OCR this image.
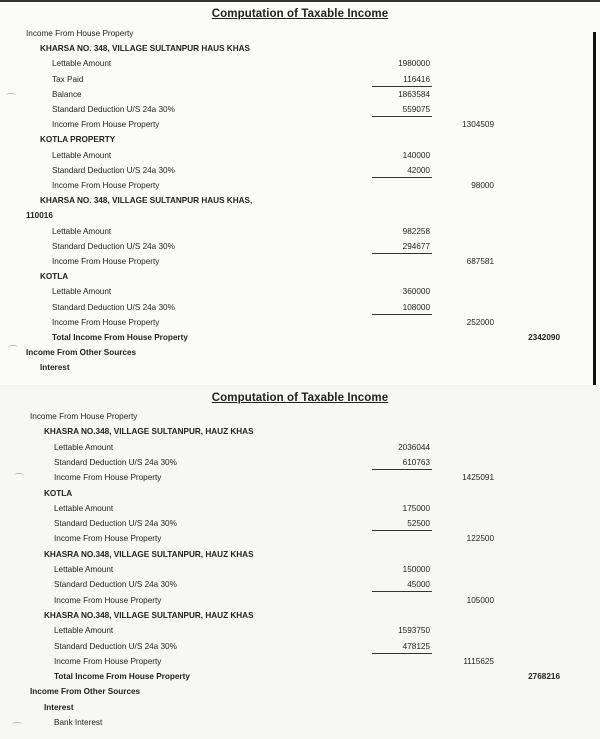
Computation of Taxable Income
Income From House Property
KHARSA NO. 348, VILLAGE SULTANPUR HAUS KHAS
Lettable Amount	1980000
Tax Paid	116416
Balance	1863584
Standard Deduction U/S 24a 30%	559075
Income From House Property	1304509
KOTLA PROPERTY
Lettable Amount	140000
Standard Deduction U/S 24a 30%	42000
Income From House Property	98000
KHARSA NO. 348, VILLAGE SULTANPUR HAUS KHAS,
110016
Lettable Amount	982258
Standard Deduction U/S 24a 30%	294677
Income From House Property	687581
KOTLA
Lettable Amount	360000
Standard Deduction U/S 24a 30%	108000
Income From House Property	252000
Total Income From House Property	2342090
Income From Other Sources
Interest
⌒
⌒
Computation of Taxable Income
Income From House Property
KHASRA NO.348, VILLAGE SULTANPUR, HAUZ KHAS
Lettable Amount	2036044
Standard Deduction U/S 24a 30%	610763
Income From House Property	1425091
KOTLA
Lettable Amount	175000
Standard Deduction U/S 24a 30%	52500
Income From House Property	122500
KHASRA NO.348, VILLAGE SULTANPUR, HAUZ KHAS
Lettable Amount	150000
Standard Deduction U/S 24a 30%	45000
Income From House Property	105000
KHASRA NO.348, VILLAGE SULTANPUR, HAUZ KHAS
Lettable Amount	1593750
Standard Deduction U/S 24a 30%	478125
Income From House Property	1115625
Total Income From House Property	2768216
Income From Other Sources
Interest
Bank Interest
⌒
⌒
